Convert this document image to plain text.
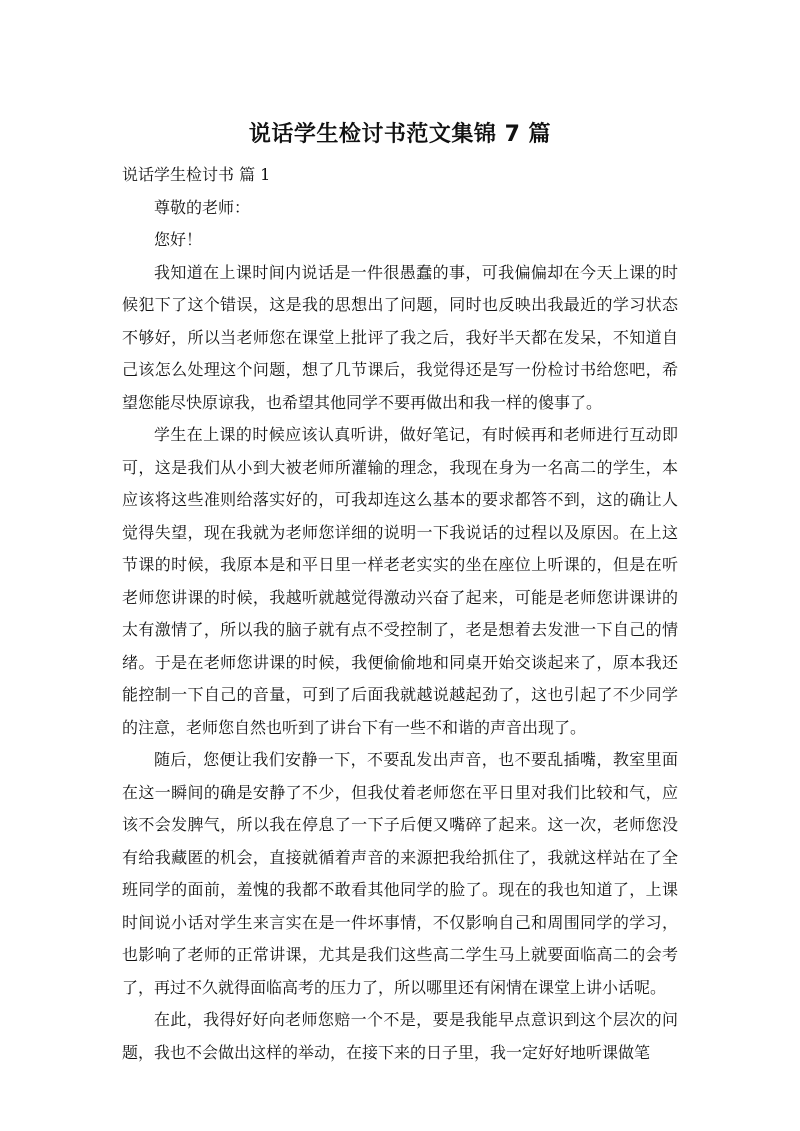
说话学生检讨书范文集锦 7 篇

说话学生检讨书 篇 1

尊敬的老师：

您好！

我知道在上课时间内说话是一件很愚蠢的事，可我偏偏却在今天上课的时候犯下了这个错误，这是我的思想出了问题，同时也反映出我最近的学习状态不够好，所以当老师您在课堂上批评了我之后，我好半天都在发呆，不知道自己该怎么处理这个问题，想了几节课后，我觉得还是写一份检讨书给您吧，希望您能尽快原谅我，也希望其他同学不要再做出和我一样的傻事了。

学生在上课的时候应该认真听讲，做好笔记，有时候再和老师进行互动即可，这是我们从小到大被老师所灌输的理念，我现在身为一名高二的学生，本应该将这些准则给落实好的，可我却连这么基本的要求都答不到，这的确让人觉得失望，现在我就为老师您详细的说明一下我说话的过程以及原因。在上这节课的时候，我原本是和平日里一样老老实实的坐在座位上听课的，但是在听老师您讲课的时候，我越听就越觉得激动兴奋了起来，可能是老师您讲课讲的太有激情了，所以我的脑子就有点不受控制了，老是想着去发泄一下自己的情绪。于是在老师您讲课的时候，我便偷偷地和同桌开始交谈起来了，原本我还能控制一下自己的音量，可到了后面我就越说越起劲了，这也引起了不少同学的注意，老师您自然也听到了讲台下有一些不和谐的声音出现了。

随后，您便让我们安静一下，不要乱发出声音，也不要乱插嘴，教室里面在这一瞬间的确是安静了不少，但我仗着老师您在平日里对我们比较和气，应该不会发脾气，所以我在停息了一下子后便又嘴碎了起来。这一次，老师您没有给我藏匿的机会，直接就循着声音的来源把我给抓住了，我就这样站在了全班同学的面前，羞愧的我都不敢看其他同学的脸了。现在的我也知道了，上课时间说小话对学生来言实在是一件坏事情，不仅影响自己和周围同学的学习，也影响了老师的正常讲课，尤其是我们这些高二学生马上就要面临高二的会考了，再过不久就得面临高考的压力了，所以哪里还有闲情在课堂上讲小话呢。

在此，我得好好向老师您赔一个不是，要是我能早点意识到这个层次的问题，我也不会做出这样的举动，在接下来的日子里，我一定好好地听课做笔
